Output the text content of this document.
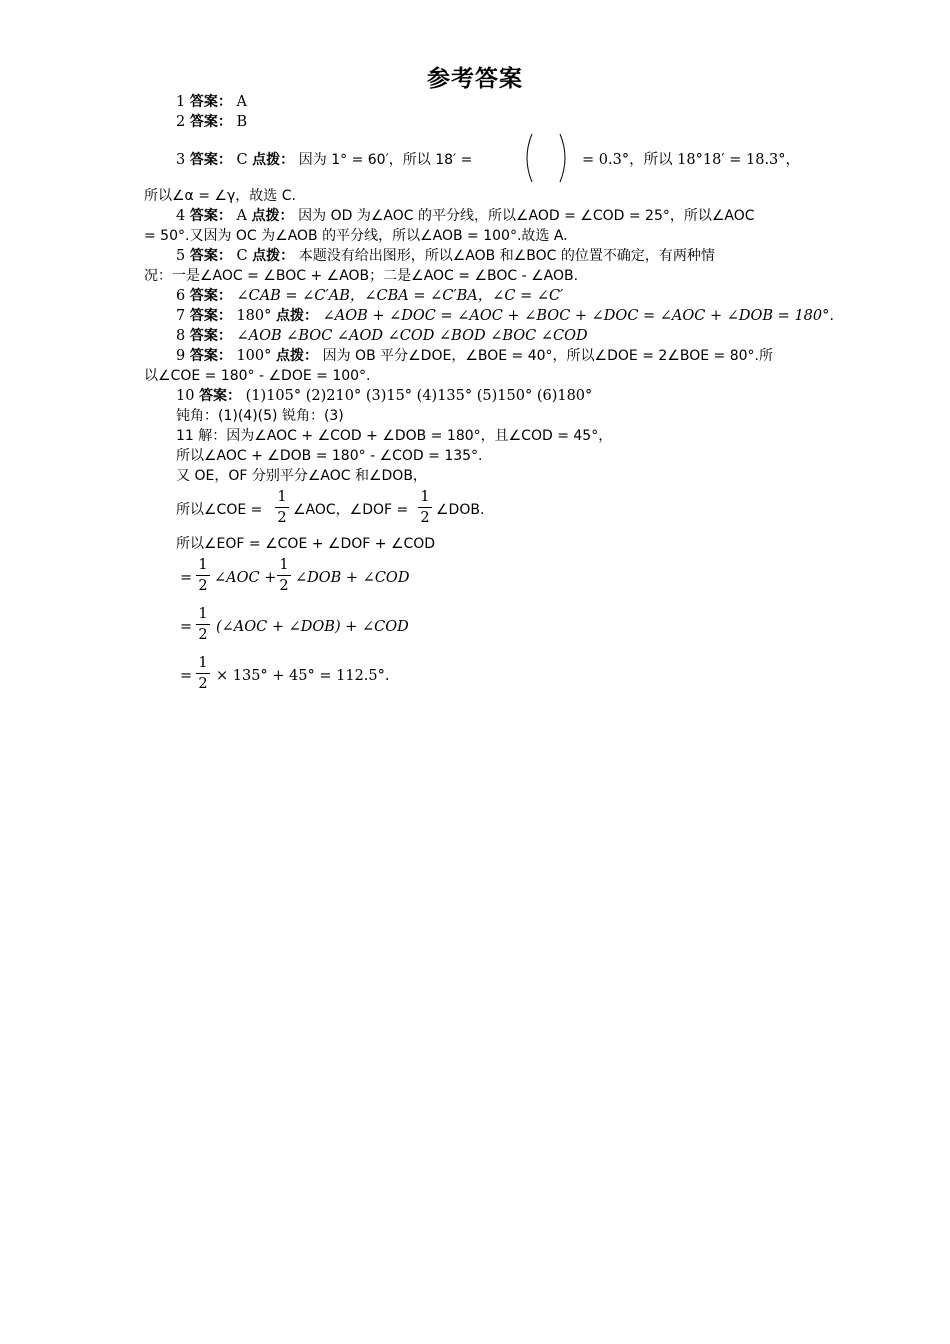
参考答案
1 答案： A
2 答案： B
3 答案： C 点拨： 因为 1° = 60′，所以 18′ =	= 0.3°，所以 18°18′ = 18.3°，
所以∠α = ∠γ，故选 C.
4 答案： A 点拨： 因为 OD 为∠AOC 的平分线，所以∠AOD = ∠COD = 25°，所以∠AOC
= 50°.又因为 OC 为∠AOB 的平分线，所以∠AOB = 100°.故选 A.
5 答案： C 点拨： 本题没有给出图形，所以∠AOB 和∠BOC 的位置不确定，有两种情
况：一是∠AOC = ∠BOC + ∠AOB；二是∠AOC = ∠BOC - ∠AOB.
6 答案： ∠CAB = ∠C′AB，∠CBA = ∠C′BA，∠C = ∠C′
7 答案： 180° 点拨： ∠AOB + ∠DOC = ∠AOC + ∠BOC + ∠DOC = ∠AOC + ∠DOB = 180°.
8 答案： ∠AOB ∠BOC ∠AOD ∠COD ∠BOD ∠BOC ∠COD
9 答案： 100° 点拨： 因为 OB 平分∠DOE，∠BOE = 40°，所以∠DOE = 2∠BOE = 80°.所
以∠COE = 180° - ∠DOE = 100°.
10 答案： (1)105° (2)210° (3)15° (4)135° (5)150° (6)180°
钝角：(1)(4)(5) 锐角：(3)
11 解：因为∠AOC + ∠COD + ∠DOB = 180°，且∠COD = 45°，
所以∠AOC + ∠DOB = 180° - ∠COD = 135°.
又 OE，OF 分别平分∠AOC 和∠DOB，
所以∠COE =
1
2 ∠AOC，∠DOF =
1
2 ∠DOB.
所以∠EOF = ∠COE + ∠DOF + ∠COD
=
1
2 ∠AOC +
1
2 ∠DOB + ∠COD
=
1
2 (∠AOC + ∠DOB) + ∠COD
=
1
2 × 135° + 45° = 112.5°.
